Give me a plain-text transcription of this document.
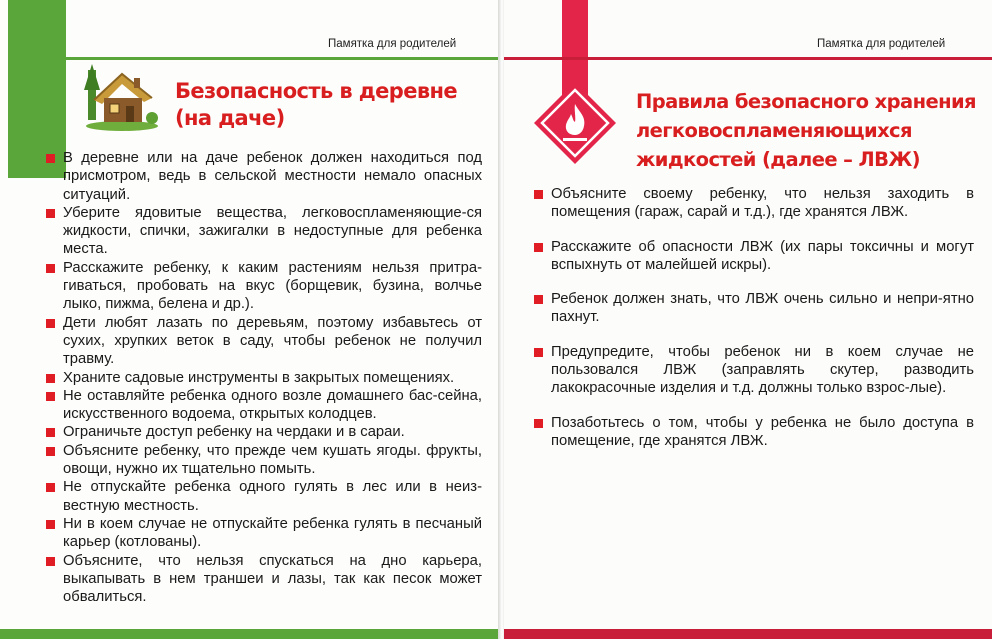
Памятка для родителей
Безопасность в деревне
(на даче)
В деревне или на даче ребенок должен находиться под присмотром, ведь в сельской местности немало опасных ситуаций.
Уберите ядовитые вещества, легковоспламеняющие-ся жидкости, спички, зажигалки в недоступные для ребенка места.
Расскажите ребенку, к каким растениям нельзя притра-гиваться, пробовать на вкус (борщевик, бузина, волчье лыко, пижма, белена и др.).
Дети любят лазать по деревьям, поэтому избавьтесь от сухих, хрупких веток в саду, чтобы ребенок не получил травму.
Храните садовые инструменты в закрытых помещениях.
Не оставляйте ребенка одного возле домашнего бас-сейна, искусственного водоема, открытых колодцев.
Ограничьте доступ ребенку на чердаки и в сараи.
Объясните ребенку, что прежде чем кушать ягоды. фрукты, овощи, нужно их тщательно помыть.
Не отпускайте ребенка одного гулять в лес или в неиз-вестную местность.
Ни в коем случае не отпускайте ребенка гулять в песчаный карьер (котлованы).
Объясните, что нельзя спускаться на дно карьера, выкапывать в нем траншеи и лазы, так как песок может обвалиться.
Памятка для родителей
Правила безопасного хранения
легковоспламеняющихся
жидкостей (далее – ЛВЖ)
Объясните своему ребенку, что нельзя заходить в помещения (гараж, сарай и т.д.), где хранятся ЛВЖ.
Расскажите об опасности ЛВЖ (их пары токсичны и могут вспыхнуть от малейшей искры).
Ребенок должен знать, что ЛВЖ очень сильно и непри-ятно пахнут.
Предупредите, чтобы ребенок ни в коем случае не пользовался ЛВЖ (заправлять скутер, разводить лакокрасочные изделия и т.д. должны только взрос-лые).
Позаботьтесь о том, чтобы у ребенка не было доступа в помещение, где хранятся ЛВЖ.
